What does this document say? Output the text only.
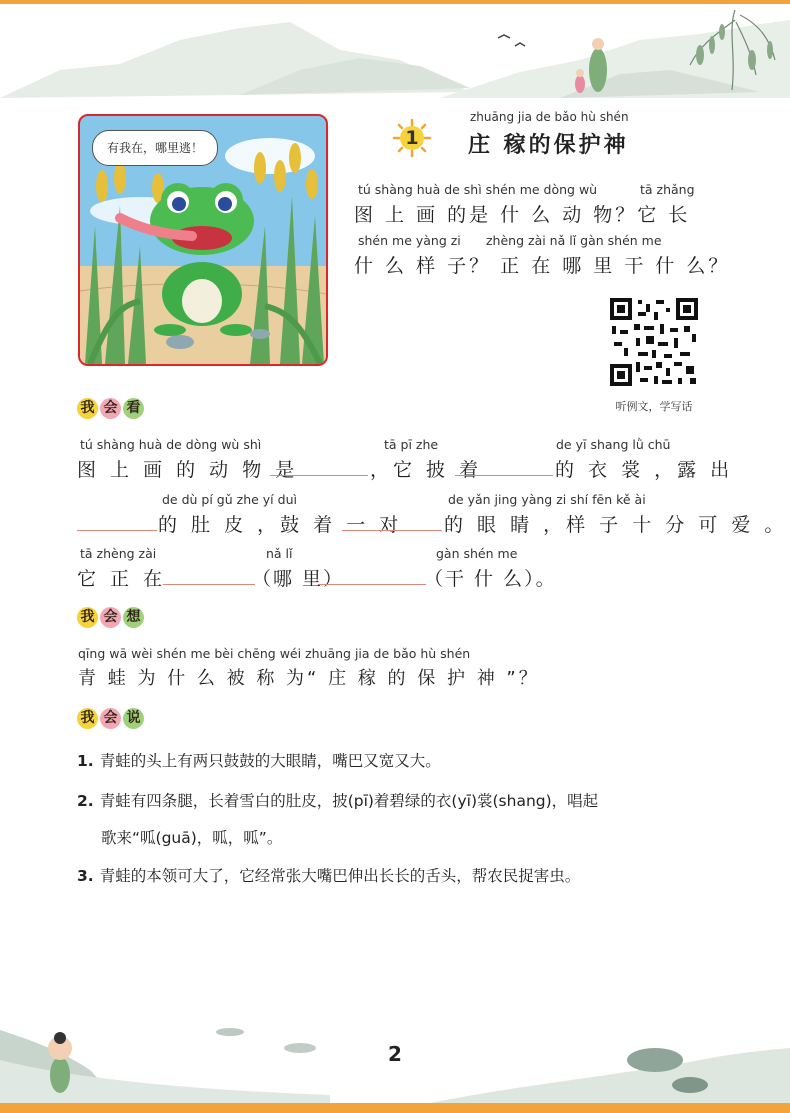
有我在，哪里逃！	1
zhuāng jia de bǎo hù shén
庄 稼的保护神
tú shàng huà de shì shén me dòng wù	tā zhǎng
图 上 画 的是 什 么 动 物？它 长
shén me yàng zi zhèng zài nǎ lǐ gàn shén me
什 么 样 子？ 正 在 哪 里 干 什 么？
听例文，学写话
我 会 看
tú shàng huà de dòng wù shì	tā pī zhe	de yī shang lǜ chū
图 上 画 的 动 物 是	，它 披 着	的 衣 裳 ，露 出
de dù pí gǔ zhe yí duì	de yǎn jing yàng zi shí fēn kě ài
的 肚 皮 ，鼓 着 一 对 的 眼 睛 ，样 子 十 分 可 爱 。
tā zhèng zài	nǎ lǐ	gàn shén me
它 正 在	（哪 里）	（干 什 么）。
我 会 想
qīng wā wèi shén me bèi chēng wéi zhuāng jia de bǎo hù shén
青 蛙 为 什 么 被 称 为“ 庄 稼 的 保 护 神 ”？
我 会 说
1. 青蛙的头上有两只鼓鼓的大眼睛，嘴巴又宽又大。
2. 青蛙有四条腿，长着雪白的肚皮，披(pī)着碧绿的衣(yī)裳(shang)，唱起
歌来“呱(guā)，呱，呱”。
3. 青蛙的本领可大了，它经常张大嘴巴伸出长长的舌头，帮农民捉害虫。
2
